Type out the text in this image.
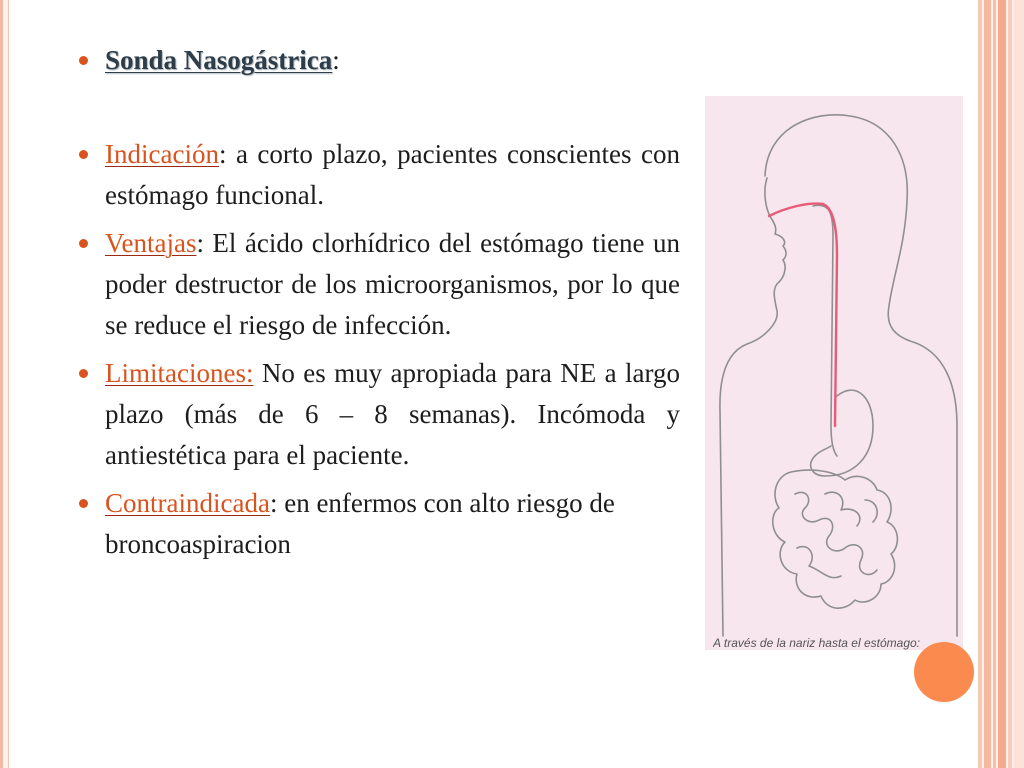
Sonda Nasogástrica:
Indicación: a corto plazo, pacientes conscientes con estómago funcional.
Ventajas: El ácido clorhídrico del estómago tiene un poder destructor de los microorganismos, por lo que se reduce el riesgo de infección.
Limitaciones: No es muy apropiada para NE a largo plazo (más de 6 – 8 semanas). Incómoda y antiestética para el paciente.
Contraindicada: en enfermos con alto riesgo de broncoaspiracion
A través de la nariz hasta el estómago:
